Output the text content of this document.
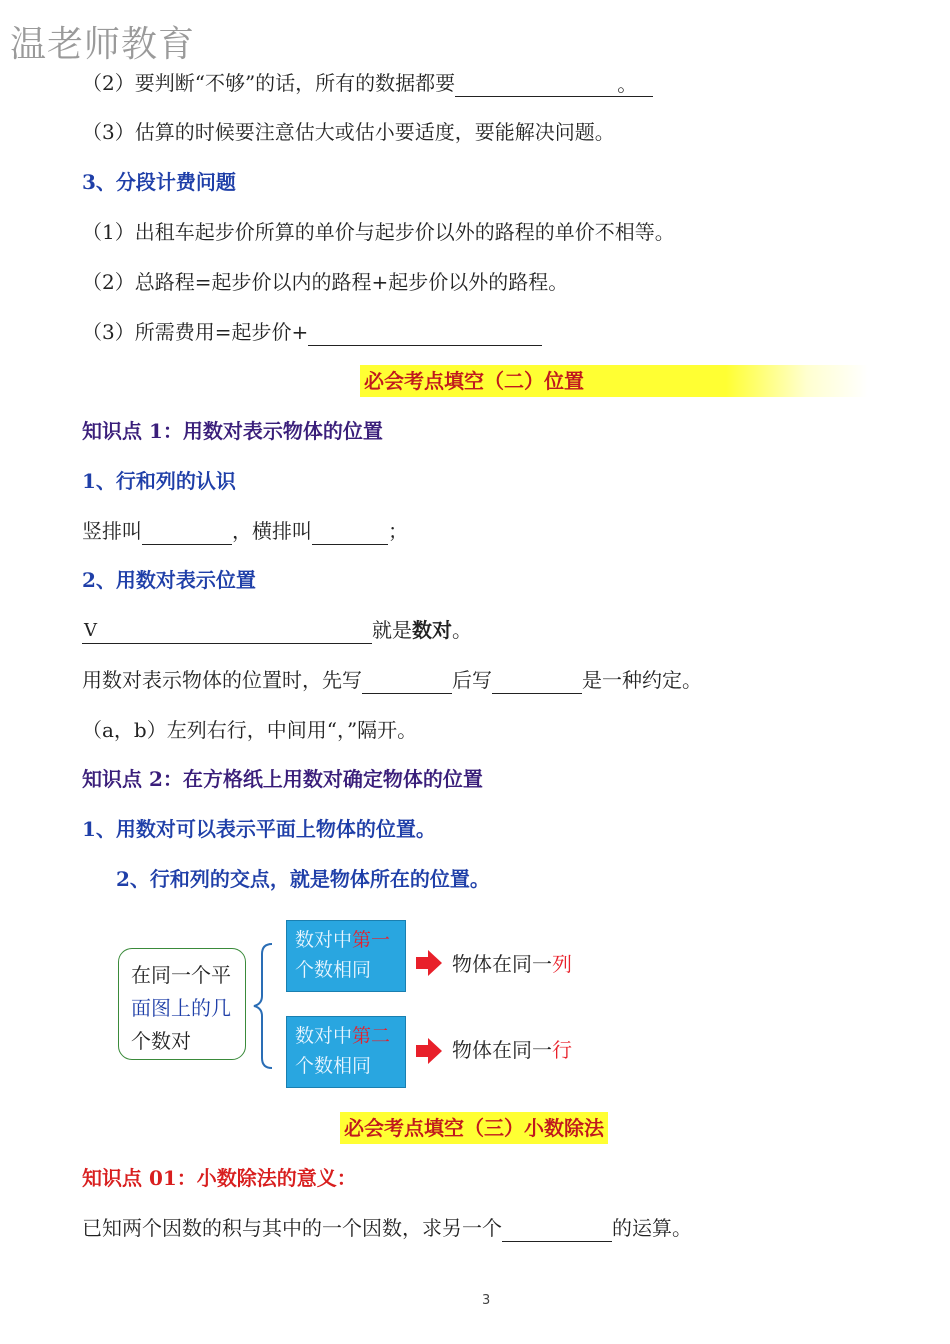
温老师教育
（2）要判断“不够”的话，所有的数据都要	。
（3）估算的时候要注意估大或估小要适度，要能解决问题。
3、分段计费问题
（1）出租车起步价所算的单价与起步价以外的路程的单价不相等。
（2）总路程=起步价以内的路程+起步价以外的路程。
（3）所需费用=起步价+
必会考点填空（二）位置
知识点 1：用数对表示物体的位置
1、行和列的认识
竖排叫	，横排叫	；
2、用数对表示位置
V	就是数对。
用数对表示物体的位置时，先写	后写	是一种约定。
（a，b）左列右行，中间用“，”隔开。
知识点 2：在方格纸上用数对确定物体的位置
1、用数对可以表示平面上物体的位置。
2、行和列的交点，就是物体所在的位置。
在同一个平
面图上的几
个数对
数对中第一
个数相同
数对中第二
个数相同
物体在同一列
物体在同一行
必会考点填空（三）小数除法
知识点 01：小数除法的意义：
已知两个因数的积与其中的一个因数，求另一个	的运算。
3
